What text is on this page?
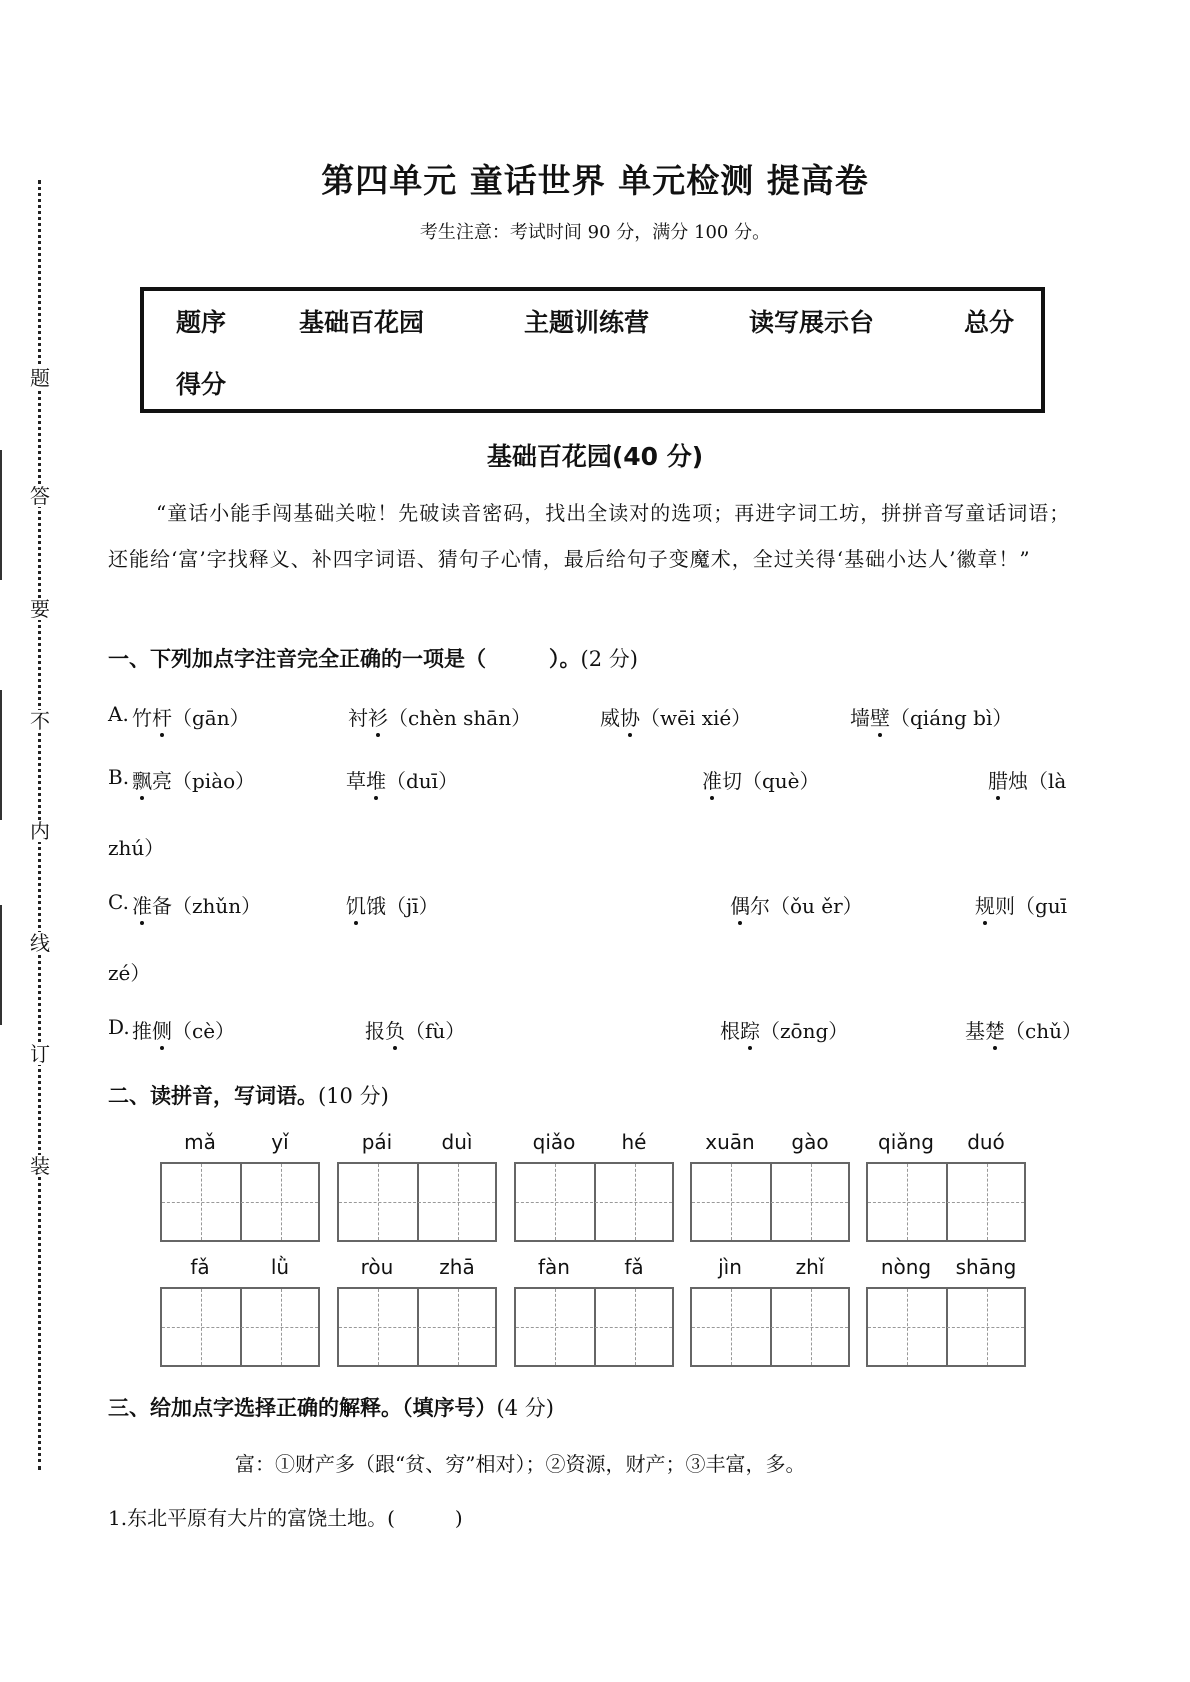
题
答
要
不
内
线
订
装
第四单元 童话世界 单元检测 提高卷
考生注意：考试时间 90 分，满分 100 分。
题序	基础百花园	主题训练营	读写展示台	总分
得分
基础百花园(40 分)
“童话小能手闯基础关啦！先破读音密码，找出全读对的选项；再进字词工坊，拼拼音写童话词语；还能给‘富’字找释义、补四字词语、猜句子心情，最后给句子变魔术，全过关得‘基础小达人’徽章！”
一、下列加点字注音完全正确的一项是（　　　）。(2 分)
A. 竹杆（gān）	衬衫（chèn shān）	威协（wēi xié）	墙壁（qiáng bì）
B. 飘亮（piào）	草堆（duī）	准切（què）	腊烛（là
zhú）
C. 准备（zhǔn）	饥饿（jī）	偶尔（ǒu ěr）	规则（guī
zé）
D. 推侧（cè）	报负（fù）	根踪（zōng）	基楚（chǔ）
二、读拼音，写词语。(10 分)
mǎ	yǐ	pái	duì	qiǎo	hé	xuān	gào	qiǎng	duó
fǎ	lǜ	ròu	zhā	fàn	fǎ	jìn	zhǐ	nòng	shāng
三、给加点字选择正确的解释。（填序号）(4 分)
富：①财产多（跟“贫、穷”相对）；②资源，财产；③丰富，多。
1.东北平原有大片的富饶土地。(　　　)
